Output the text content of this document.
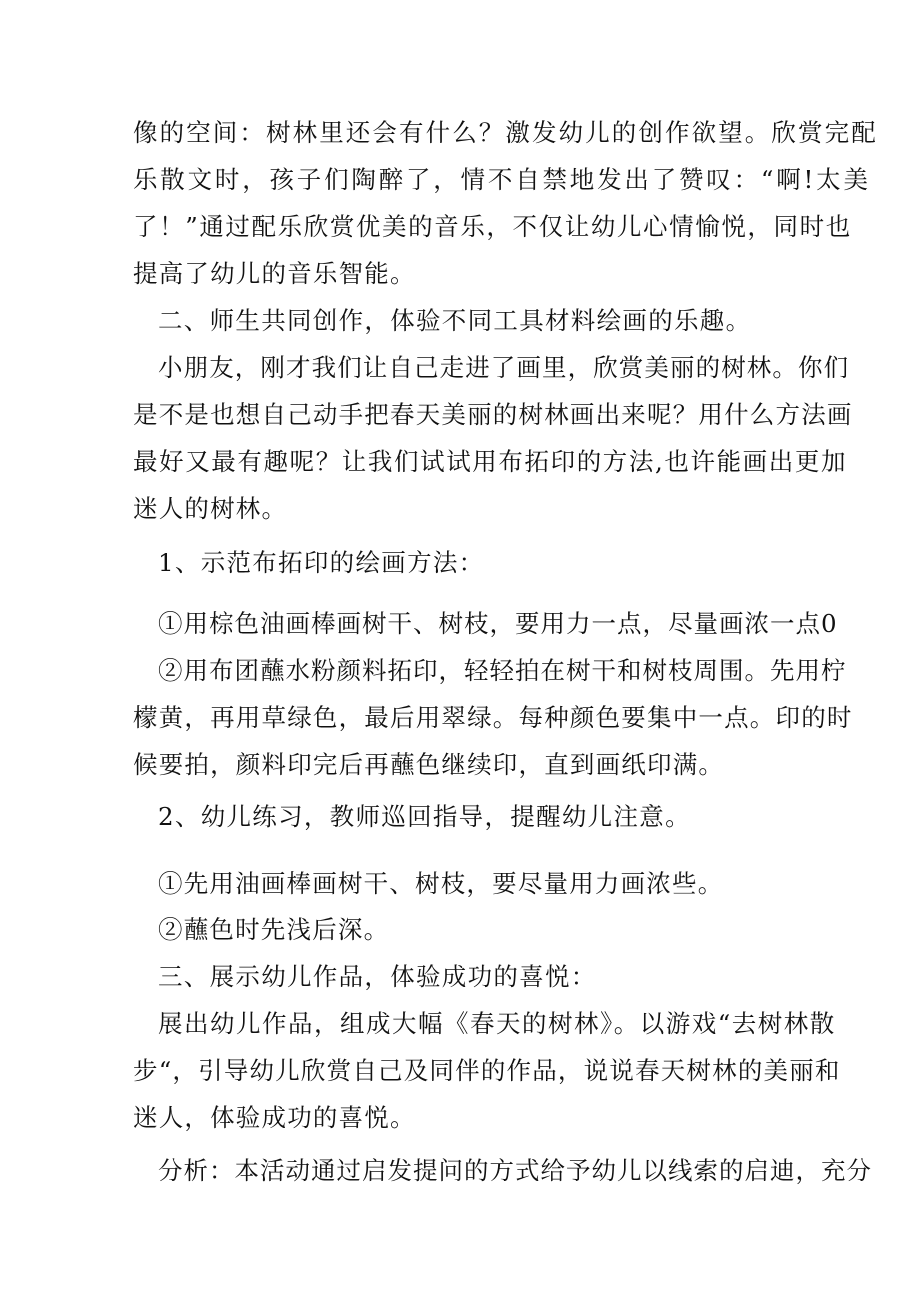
像的空间：树林里还会有什么？激发幼儿的创作欲望。欣赏完配
乐散文时，孩子们陶醉了，情不自禁地发出了赞叹：“啊!太美
了！”通过配乐欣赏优美的音乐，不仅让幼儿心情愉悦，同时也
提高了幼儿的音乐智能。
二、师生共同创作，体验不同工具材料绘画的乐趣。
小朋友，刚才我们让自己走进了画里，欣赏美丽的树林。你们
是不是也想自己动手把春天美丽的树林画出来呢？用什么方法画
最好又最有趣呢？让我们试试用布拓印的方法,也许能画出更加
迷人的树林。
1、示范布拓印的绘画方法：
①用棕色油画棒画树干、树枝，要用力一点，尽量画浓一点0
②用布团蘸水粉颜料拓印，轻轻拍在树干和树枝周围。先用柠
檬黄，再用草绿色，最后用翠绿。每种颜色要集中一点。印的时
候要拍，颜料印完后再蘸色继续印，直到画纸印满。
2、幼儿练习，教师巡回指导，提醒幼儿注意。
①先用油画棒画树干、树枝，要尽量用力画浓些。
②蘸色时先浅后深。
三、展示幼儿作品，体验成功的喜悦：
展出幼儿作品，组成大幅《春天的树林》。以游戏“去树林散
步“，引导幼儿欣赏自己及同伴的作品，说说春天树林的美丽和
迷人，体验成功的喜悦。
分析：本活动通过启发提问的方式给予幼儿以线索的启迪，充分
